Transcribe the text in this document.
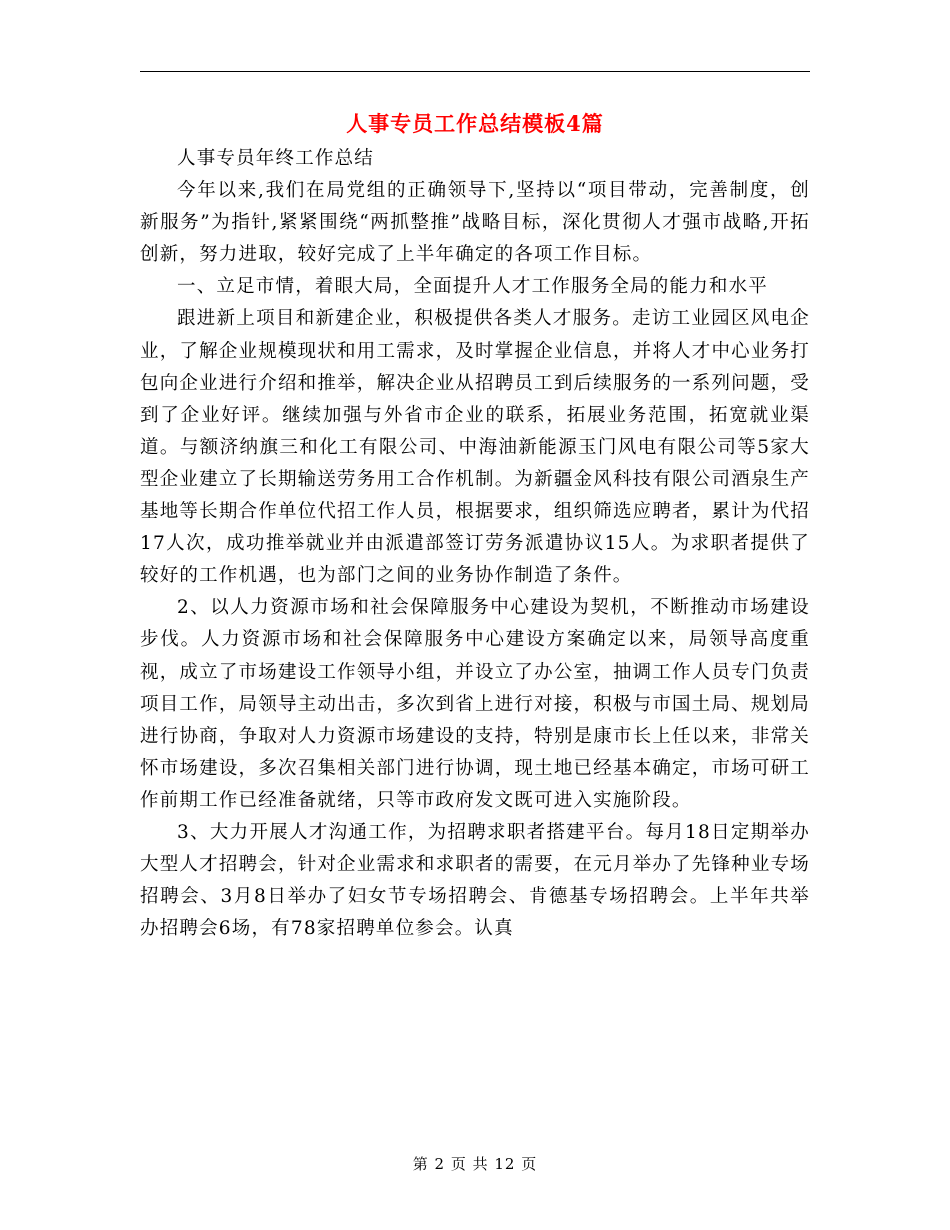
人事专员工作总结模板4篇

人事专员年终工作总结

今年以来,我们在局党组的正确领导下,坚持以“项目带动，完善制度，创新服务”为指针,紧紧围绕“两抓整推”战略目标，深化贯彻人才强市战略,开拓创新，努力进取，较好完成了上半年确定的各项工作目标。

一、立足市情，着眼大局，全面提升人才工作服务全局的能力和水平

跟进新上项目和新建企业，积极提供各类人才服务。走访工业园区风电企业，了解企业规模现状和用工需求，及时掌握企业信息，并将人才中心业务打包向企业进行介绍和推举，解决企业从招聘员工到后续服务的一系列问题，受到了企业好评。继续加强与外省市企业的联系，拓展业务范围，拓宽就业渠道。与额济纳旗三和化工有限公司、中海油新能源玉门风电有限公司等5家大型企业建立了长期输送劳务用工合作机制。为新疆金风科技有限公司酒泉生产基地等长期合作单位代招工作人员，根据要求，组织筛选应聘者，累计为代招17人次，成功推举就业并由派遣部签订劳务派遣协议15人。为求职者提供了较好的工作机遇，也为部门之间的业务协作制造了条件。

2、以人力资源市场和社会保障服务中心建设为契机，不断推动市场建设步伐。人力资源市场和社会保障服务中心建设方案确定以来，局领导高度重视，成立了市场建设工作领导小组，并设立了办公室，抽调工作人员专门负责项目工作，局领导主动出击，多次到省上进行对接，积极与市国土局、规划局进行协商，争取对人力资源市场建设的支持，特别是康市长上任以来，非常关怀市场建设，多次召集相关部门进行协调，现土地已经基本确定，市场可研工作前期工作已经准备就绪，只等市政府发文既可进入实施阶段。

3、大力开展人才沟通工作，为招聘求职者搭建平台。每月18日定期举办大型人才招聘会，针对企业需求和求职者的需要，在元月举办了先锋种业专场招聘会、3月8日举办了妇女节专场招聘会、肯德基专场招聘会。上半年共举办招聘会6场，有78家招聘单位参会。认真

第 2 页 共 12 页
